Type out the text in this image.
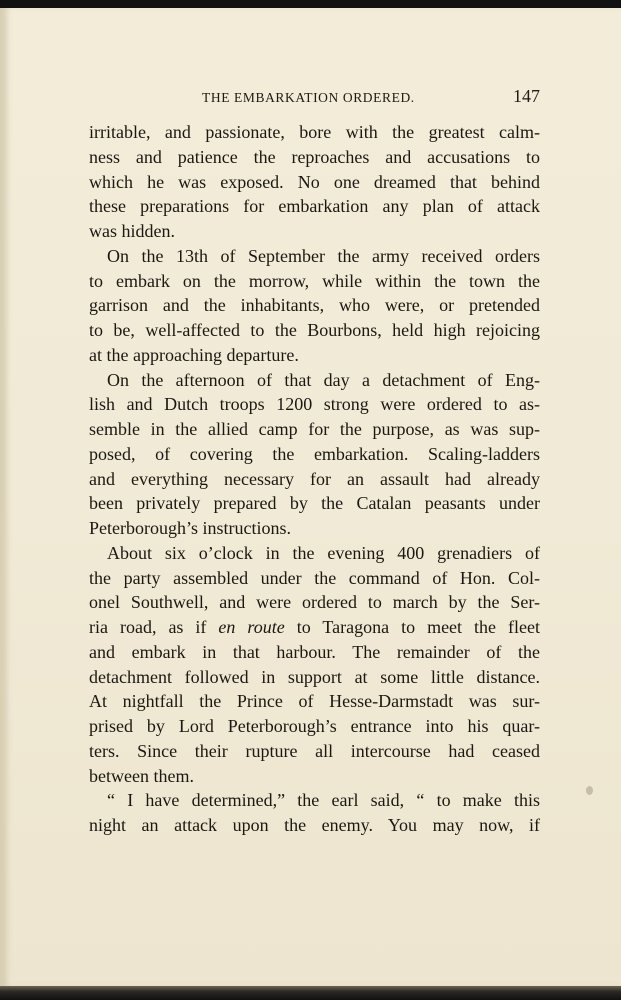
THE EMBARKATION ORDERED.	147
irritable, and passionate, bore with the greatest calm-
ness and patience the reproaches and accusations to
which he was exposed. No one dreamed that behind
these preparations for embarkation any plan of attack
was hidden.
On the 13th of September the army received orders
to embark on the morrow, while within the town the
garrison and the inhabitants, who were, or pretended
to be, well-affected to the Bourbons, held high rejoicing
at the approaching departure.
On the afternoon of that day a detachment of Eng-
lish and Dutch troops 1200 strong were ordered to as-
semble in the allied camp for the purpose, as was sup-
posed, of covering the embarkation. Scaling-ladders
and everything necessary for an assault had already
been privately prepared by the Catalan peasants under
Peterborough’s instructions.
About six o’clock in the evening 400 grenadiers of
the party assembled under the command of Hon. Col-
onel Southwell, and were ordered to march by the Ser-
ria road, as if en route to Taragona to meet the fleet
and embark in that harbour. The remainder of the
detachment followed in support at some little distance.
At nightfall the Prince of Hesse-Darmstadt was sur-
prised by Lord Peterborough’s entrance into his quar-
ters. Since their rupture all intercourse had ceased
between them.
“ I have determined,” the earl said, “ to make this
night an attack upon the enemy. You may now, if
